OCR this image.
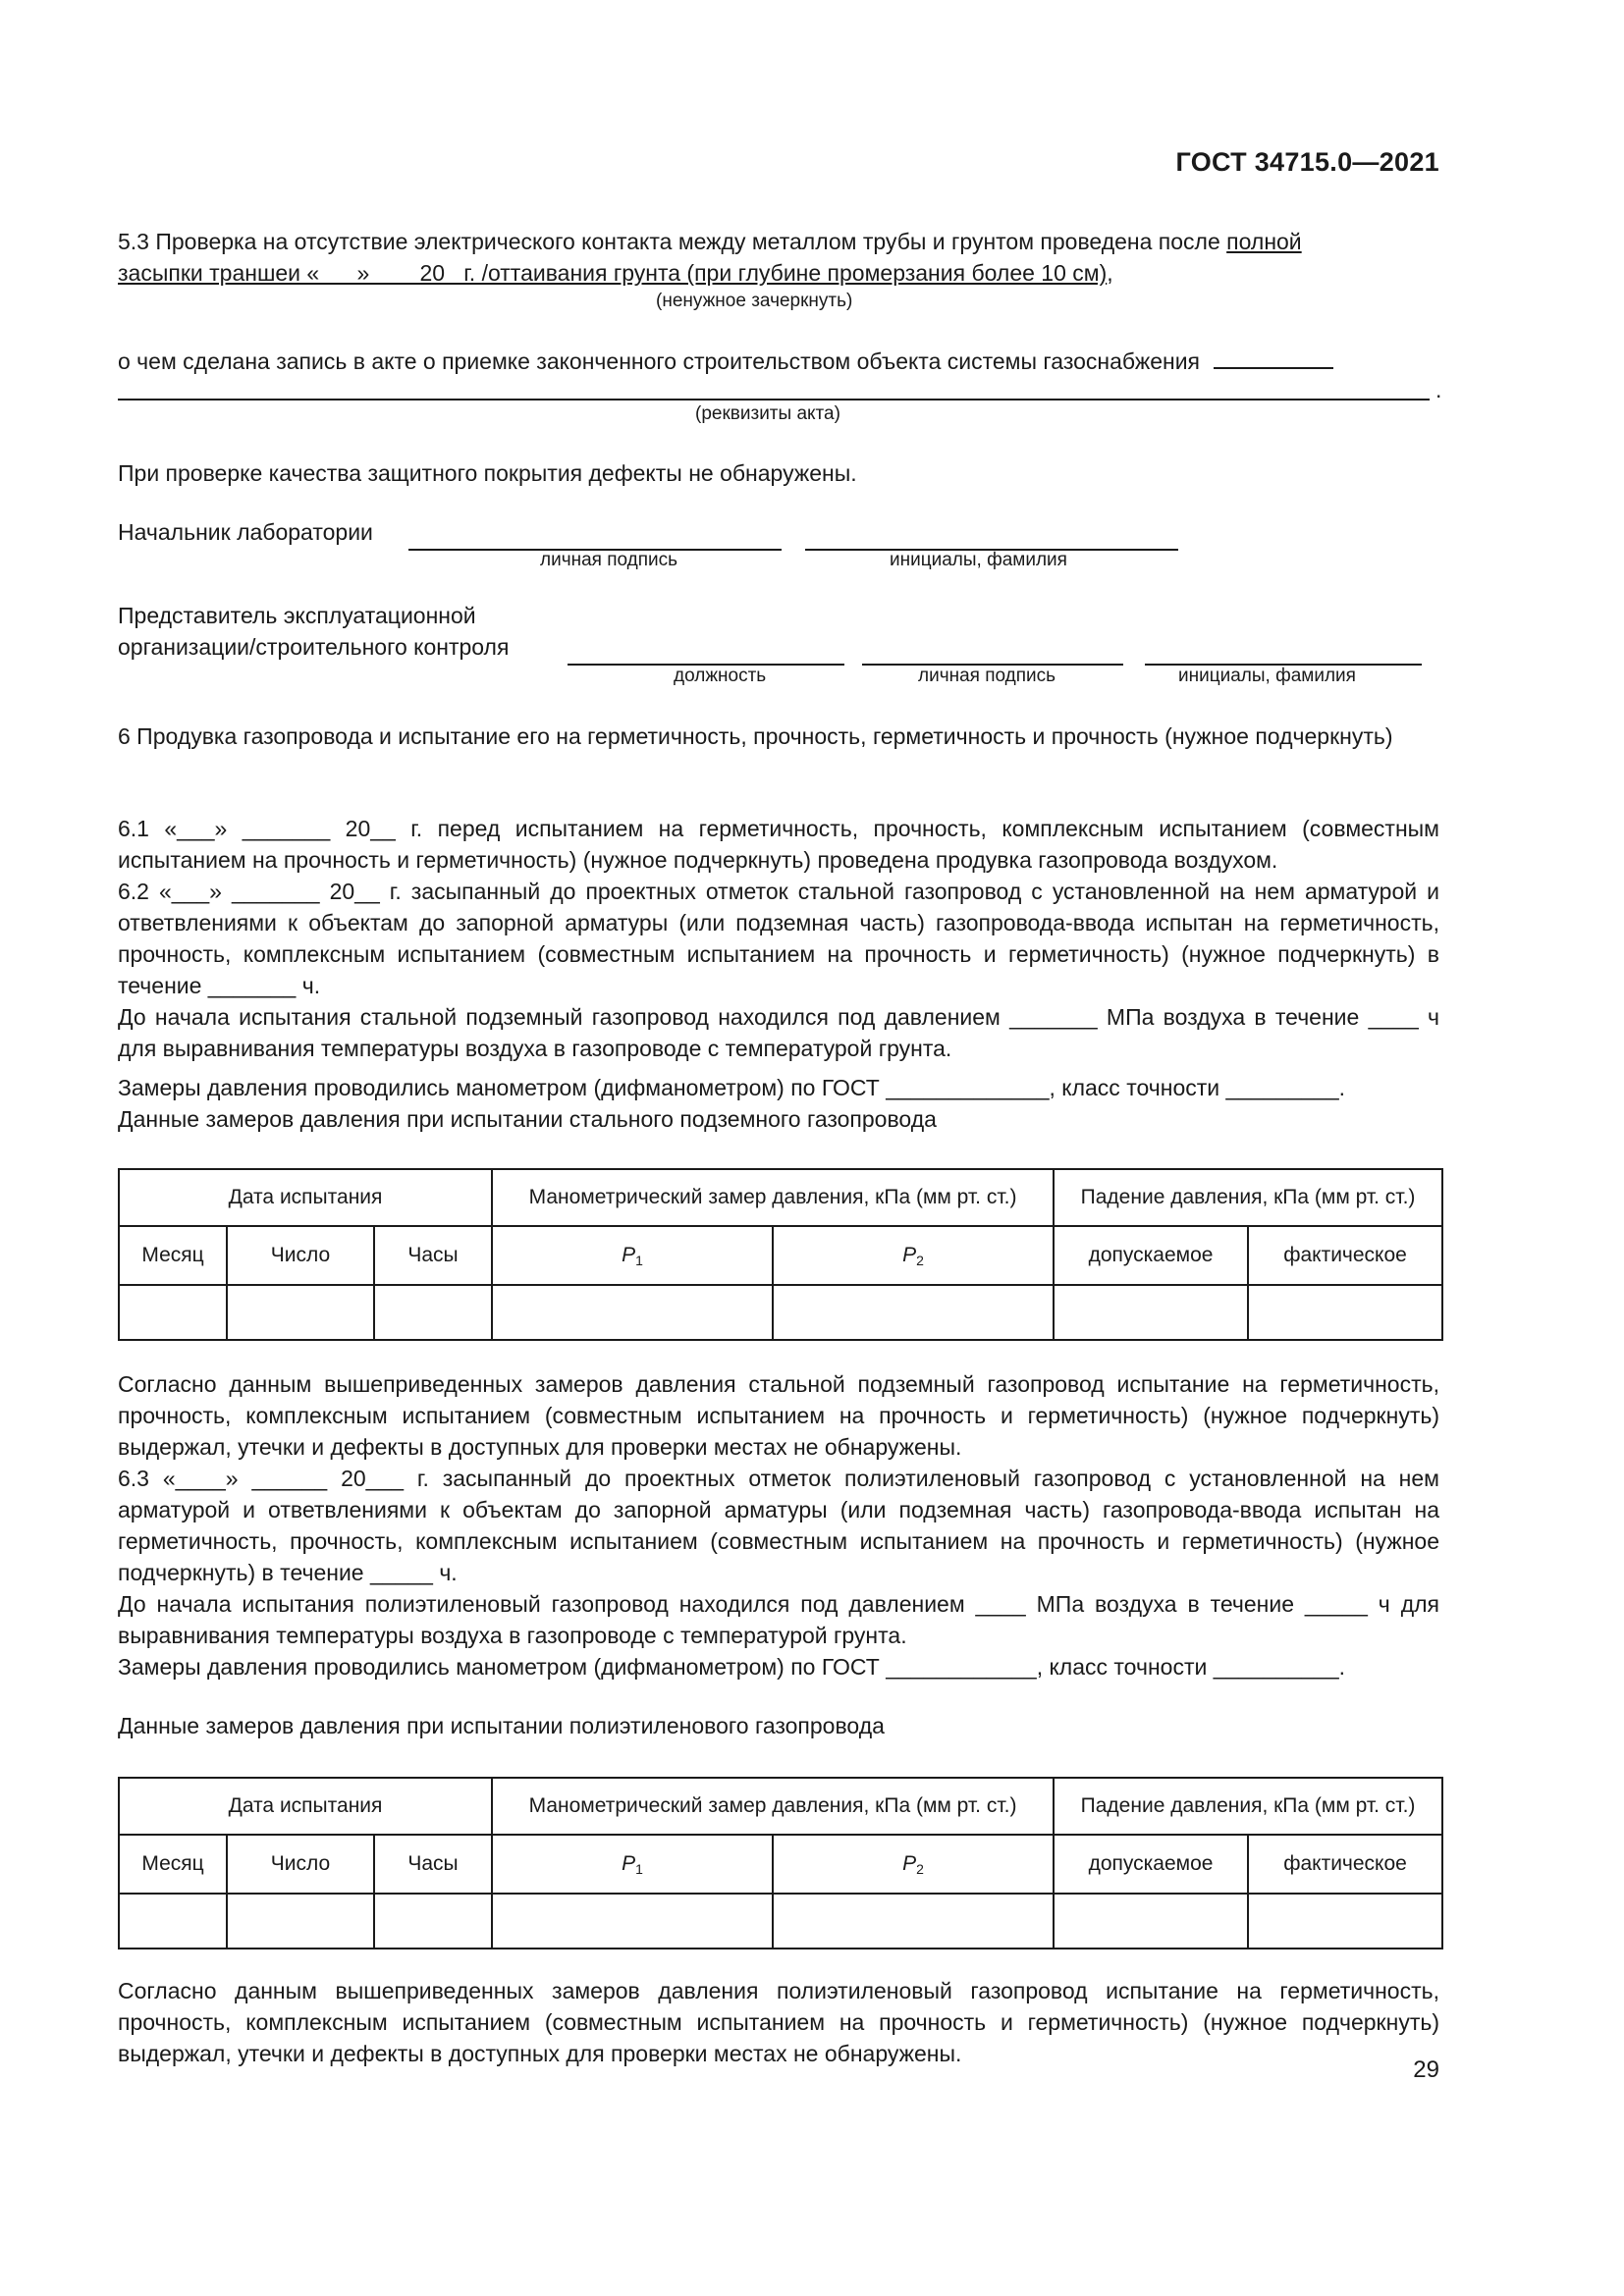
ГОСТ 34715.0—2021
5.3 Проверка на отсутствие электрического контакта между металлом трубы и грунтом проведена после полной
засыпки траншеи «      »        20   г. /оттаивания грунта (при глубине промерзания более 10 см),
(ненужное зачеркнуть)
о чем сделана запись в акте о приемке законченного строительством объекта системы газоснабжения
.
(реквизиты акта)
При проверке качества защитного покрытия дефекты не обнаружены.
Начальник лаборатории
личная подпись	инициалы, фамилия
Представитель эксплуатационной
организации/строительного контроля
должность	личная подпись	инициалы, фамилия
6 Продувка газопровода и испытание его на герметичность, прочность, герметичность и прочность (нужное подчеркнуть)
6.1 «___» _______ 20__ г. перед испытанием на герметичность, прочность, комплексным испытанием (совместным испытанием на прочность и герметичность) (нужное подчеркнуть) проведена продувка газопровода воздухом.
6.2 «___» _______ 20__ г. засыпанный до проектных отметок стальной газопровод с установленной на нем арматурой и ответвлениями к объектам до запорной арматуры (или подземная часть) газопровода-ввода испытан на герметичность, прочность, комплексным испытанием (совместным испытанием на прочность и герметичность) (нужное подчеркнуть) в течение _______ ч.
До начала испытания стальной подземный газопровод находился под давлением _______ МПа воздуха в течение ____ ч для выравнивания температуры воздуха в газопроводе с температурой грунта.
Замеры давления проводились манометром (дифманометром) по ГОСТ _____________, класс точности _________.
Данные замеров давления при испытании стального подземного газопровода
Дата испытания			Манометрический замер давления, кПа (мм рт. ст.)		Падение давления, кПа (мм рт. ст.)	
Месяц	Число	Часы	$P_1$	$P_2$	допускаемое	фактическое

Согласно данным вышеприведенных замеров давления стальной подземный газопровод испытание на герметичность, прочность, комплексным испытанием (совместным испытанием на прочность и герметичность) (нужное подчеркнуть) выдержал, утечки и дефекты в доступных для проверки местах не обнаружены.
6.3 «____» ______ 20___ г. засыпанный до проектных отметок полиэтиленовый газопровод с установленной на нем арматурой и ответвлениями к объектам до запорной арматуры (или подземная часть) газопровода-ввода испытан на герметичность, прочность, комплексным испытанием (совместным испытанием на прочность и герметичность) (нужное подчеркнуть) в течение _____ ч.
До начала испытания полиэтиленовый газопровод находился под давлением ____ МПа воздуха в течение _____ ч для выравнивания температуры воздуха в газопроводе с температурой грунта.
Замеры давления проводились манометром (дифманометром) по ГОСТ ____________, класс точности __________.
Данные замеров давления при испытании полиэтиленового газопровода
Дата испытания			Манометрический замер давления, кПа (мм рт. ст.)		Падение давления, кПа (мм рт. ст.)	
Месяц	Число	Часы	$P_1$	$P_2$	допускаемое	фактическое

Согласно данным вышеприведенных замеров давления полиэтиленовый газопровод испытание на герметичность, прочность, комплексным испытанием (совместным испытанием на прочность и герметичность) (нужное подчеркнуть) выдержал, утечки и дефекты в доступных для проверки местах не обнаружены.
29
